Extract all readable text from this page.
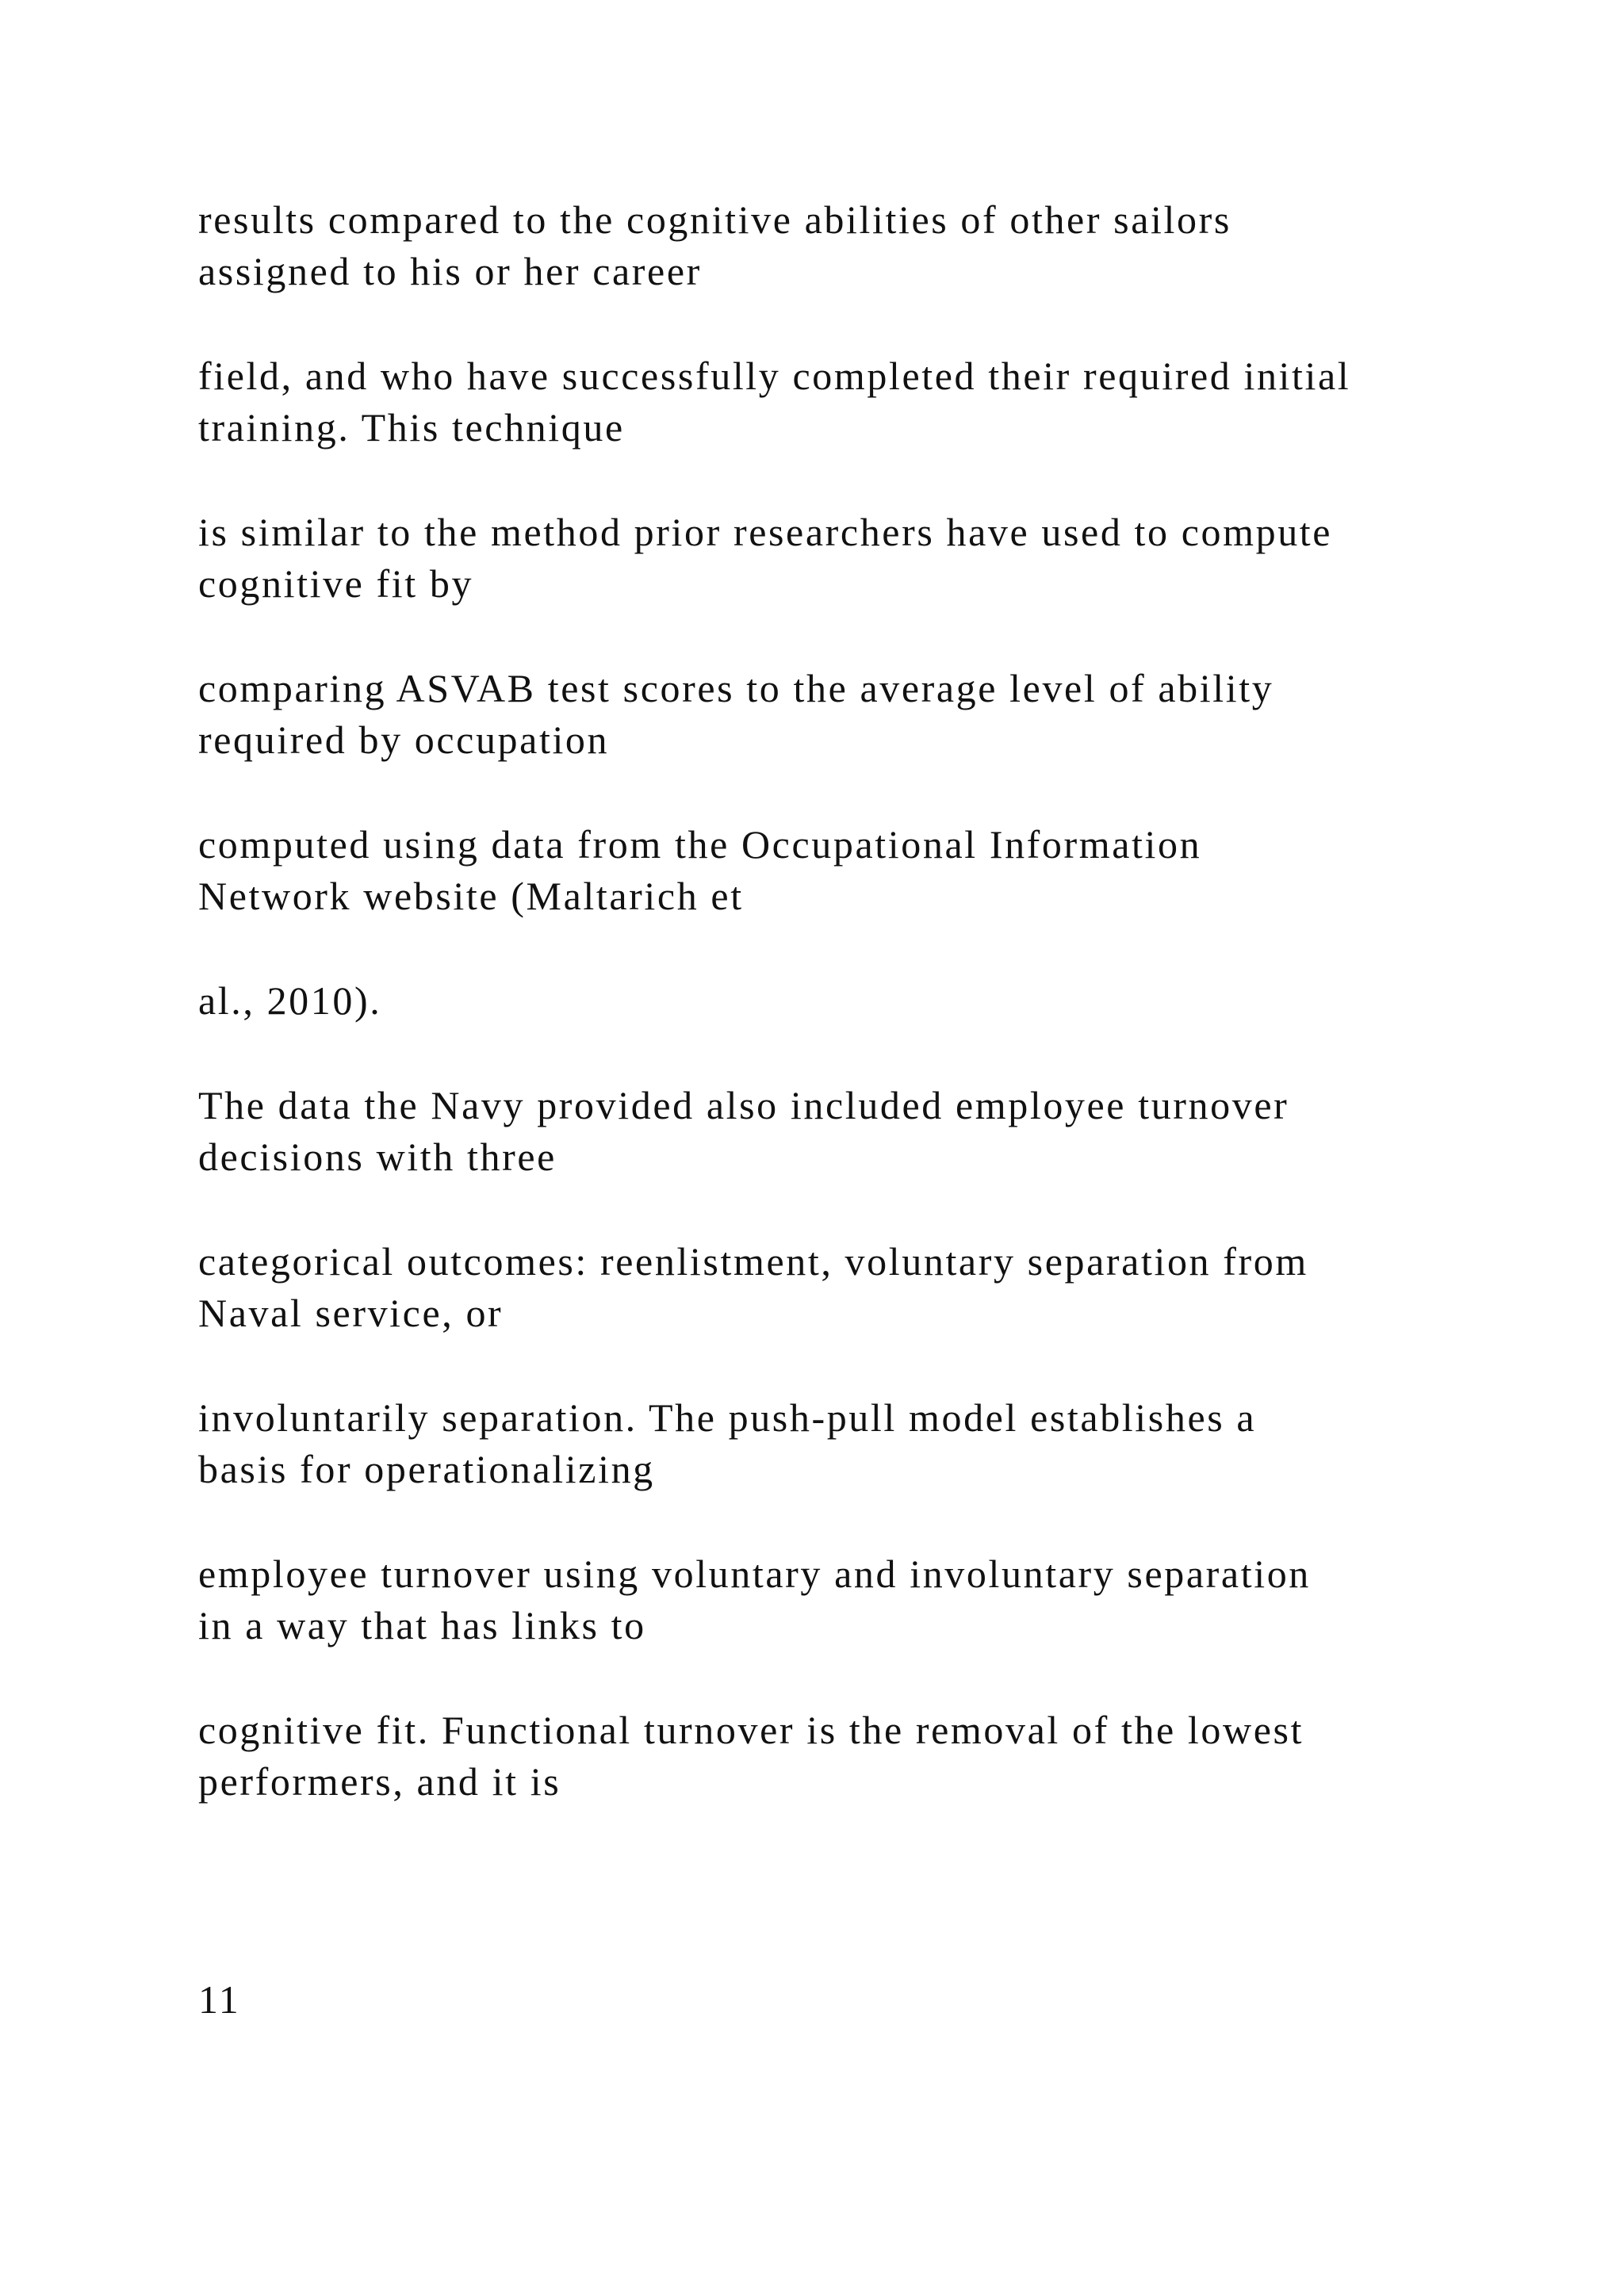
results compared to the cognitive abilities of other sailors
assigned to his or her career

field, and who have successfully completed their required initial
training. This technique

is similar to the method prior researchers have used to compute
cognitive fit by

comparing ASVAB test scores to the average level of ability
required by occupation

computed using data from the Occupational Information
Network website (Maltarich et

al., 2010).

The data the Navy provided also included employee turnover
decisions with three

categorical outcomes: reenlistment, voluntary separation from
Naval service, or

involuntarily separation. The push-pull model establishes a
basis for operationalizing

employee turnover using voluntary and involuntary separation
in a way that has links to

cognitive fit. Functional turnover is the removal of the lowest
performers, and it is

11
